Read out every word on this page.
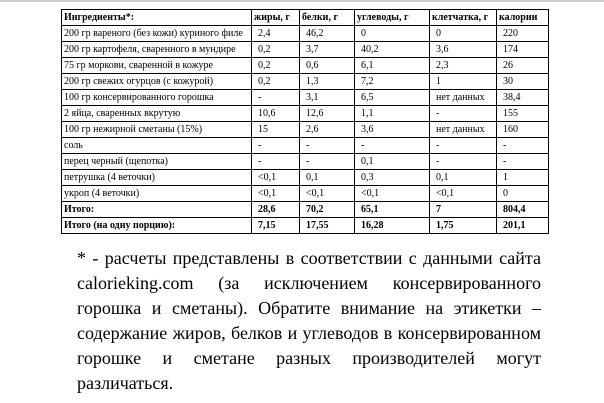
Ингредиенты*:	жиры, г	белки, г	углеводы, г	клетчатка, г	калории
200 гр вареного (без кожи) куриного филе	2,4	46,2	0	0	220
200 гр картофеля, сваренного в мундире	0,2	3,7	40,2	3,6	174
75 гр моркови, сваренной в кожуре	0,2	0,6	6,1	2,3	26
200 гр свежих огурцов (с кожурой)	0,2	1,3	7,2	1	30
100 гр консервированного горошка	-	3,1	6,5	нет данных	38,4
2 яйца, сваренных вкрутую	10,6	12,6	1,1	-	155
100 гр нежирной сметаны (15%)	15	2,6	3,6	нет данных	160
соль	-	-	-	-	-
перец черный (щепотка)	-	-	0,1	-	-
петрушка (4 веточки)	<0,1	0,1	0,3	0,1	1
укроп (4 веточки)	<0,1	<0,1	<0,1	<0,1	0
Итого:	28,6	70,2	65,1	7	804,4
Итого (на одну порцию):	7,15	17,55	16,28	1,75	201,1
* - расчеты представлены в соответствии с данными сайта calorieking.com (за исключением консервированного горошка и сметаны). Обратите внимание на этикетки – содержание жиров, белков и углеводов в консервированном горошке и сметане разных производителей могут различаться.
